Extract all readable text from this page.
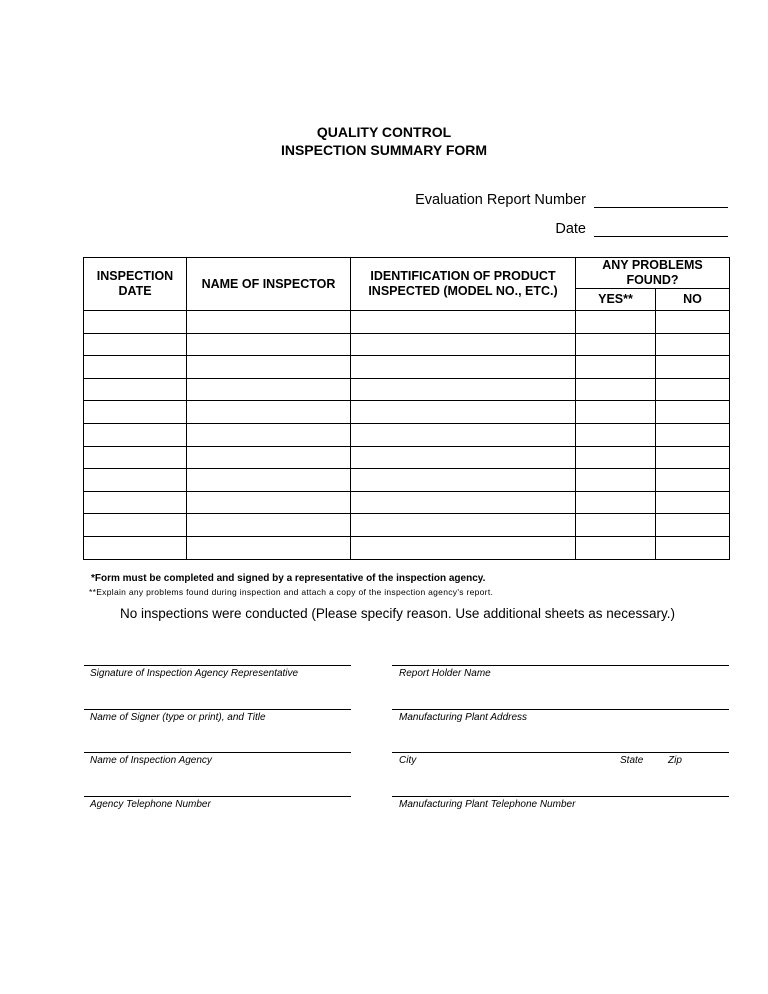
QUALITY CONTROL
INSPECTION SUMMARY FORM
Evaluation Report Number
Date
INSPECTION DATE	NAME OF INSPECTOR	IDENTIFICATION OF PRODUCT INSPECTED (MODEL NO., ETC.)	ANY PROBLEMS FOUND?	
			YES**	NO

*Form must be completed and signed by a representative of the inspection agency.
**Explain any problems found during inspection and attach a copy of the inspection agency's report.
No inspections were conducted (Please specify reason. Use additional sheets as necessary.)
Signature of Inspection Agency Representative
Name of Signer (type or print), and Title
Name of Inspection Agency
Agency Telephone Number
Report Holder Name
Manufacturing Plant Address
City	State Zip
Manufacturing Plant Telephone Number
